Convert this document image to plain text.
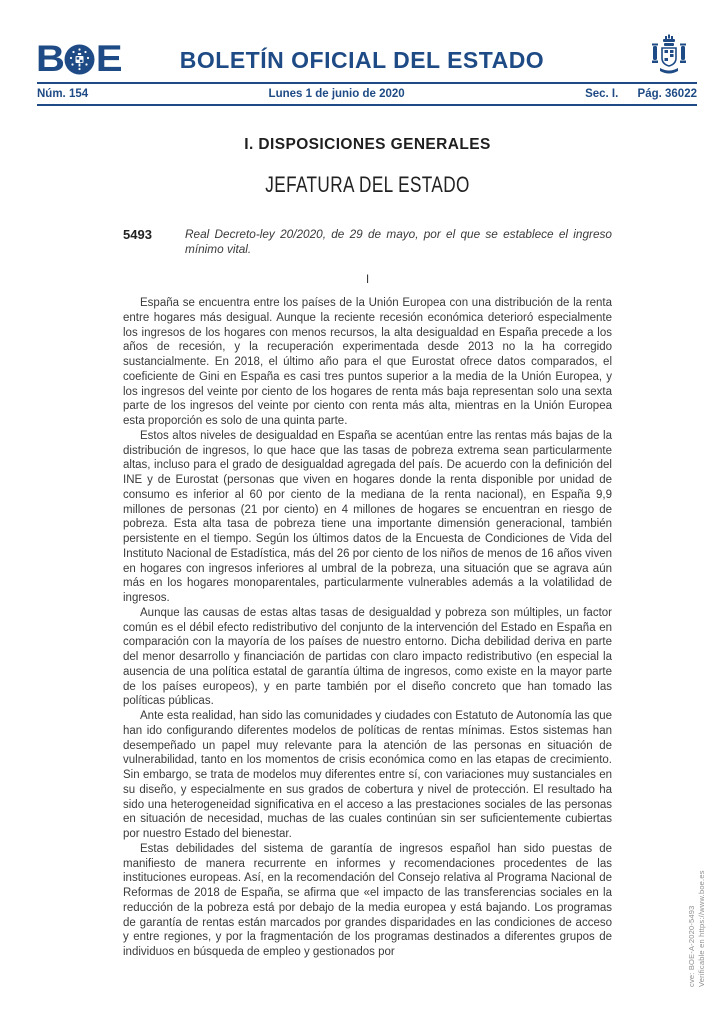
B E	BOLETÍN OFICIAL DEL ESTADO
Núm. 154	Lunes 1 de junio de 2020	Sec. I. Pág. 36022
I. DISPOSICIONES GENERALES
JEFATURA DEL ESTADO
5493	Real Decreto-ley 20/2020, de 29 de mayo, por el que se establece el ingreso mínimo vital.
I

España se encuentra entre los países de la Unión Europea con una distribución de la renta entre hogares más desigual. Aunque la reciente recesión económica deterioró especialmente los ingresos de los hogares con menos recursos, la alta desigualdad en España precede a los años de recesión, y la recuperación experimentada desde 2013 no la ha corregido sustancialmente. En 2018, el último año para el que Eurostat ofrece datos comparados, el coeficiente de Gini en España es casi tres puntos superior a la media de la Unión Europea, y los ingresos del veinte por ciento de los hogares de renta más baja representan solo una sexta parte de los ingresos del veinte por ciento con renta más alta, mientras en la Unión Europea esta proporción es solo de una quinta parte.

Estos altos niveles de desigualdad en España se acentúan entre las rentas más bajas de la distribución de ingresos, lo que hace que las tasas de pobreza extrema sean particularmente altas, incluso para el grado de desigualdad agregada del país. De acuerdo con la definición del INE y de Eurostat (personas que viven en hogares donde la renta disponible por unidad de consumo es inferior al 60 por ciento de la mediana de la renta nacional), en España 9,9 millones de personas (21 por ciento) en 4 millones de hogares se encuentran en riesgo de pobreza. Esta alta tasa de pobreza tiene una importante dimensión generacional, también persistente en el tiempo. Según los últimos datos de la Encuesta de Condiciones de Vida del Instituto Nacional de Estadística, más del 26 por ciento de los niños de menos de 16 años viven en hogares con ingresos inferiores al umbral de la pobreza, una situación que se agrava aún más en los hogares monoparentales, particularmente vulnerables además a la volatilidad de ingresos.

Aunque las causas de estas altas tasas de desigualdad y pobreza son múltiples, un factor común es el débil efecto redistributivo del conjunto de la intervención del Estado en España en comparación con la mayoría de los países de nuestro entorno. Dicha debilidad deriva en parte del menor desarrollo y financiación de partidas con claro impacto redistributivo (en especial la ausencia de una política estatal de garantía última de ingresos, como existe en la mayor parte de los países europeos), y en parte también por el diseño concreto que han tomado las políticas públicas.

Ante esta realidad, han sido las comunidades y ciudades con Estatuto de Autonomía las que han ido configurando diferentes modelos de políticas de rentas mínimas. Estos sistemas han desempeñado un papel muy relevante para la atención de las personas en situación de vulnerabilidad, tanto en los momentos de crisis económica como en las etapas de crecimiento. Sin embargo, se trata de modelos muy diferentes entre sí, con variaciones muy sustanciales en su diseño, y especialmente en sus grados de cobertura y nivel de protección. El resultado ha sido una heterogeneidad significativa en el acceso a las prestaciones sociales de las personas en situación de necesidad, muchas de las cuales continúan sin ser suficientemente cubiertas por nuestro Estado del bienestar.

Estas debilidades del sistema de garantía de ingresos español han sido puestas de manifiesto de manera recurrente en informes y recomendaciones procedentes de las instituciones europeas. Así, en la recomendación del Consejo relativa al Programa Nacional de Reformas de 2018 de España, se afirma que «el impacto de las transferencias sociales en la reducción de la pobreza está por debajo de la media europea y está bajando. Los programas de garantía de rentas están marcados por grandes disparidades en las condiciones de acceso y entre regiones, y por la fragmentación de los programas destinados a diferentes grupos de individuos en búsqueda de empleo y gestionados por	cve: BOE-A-2020-5493 Verificable en https://www.boe.es
